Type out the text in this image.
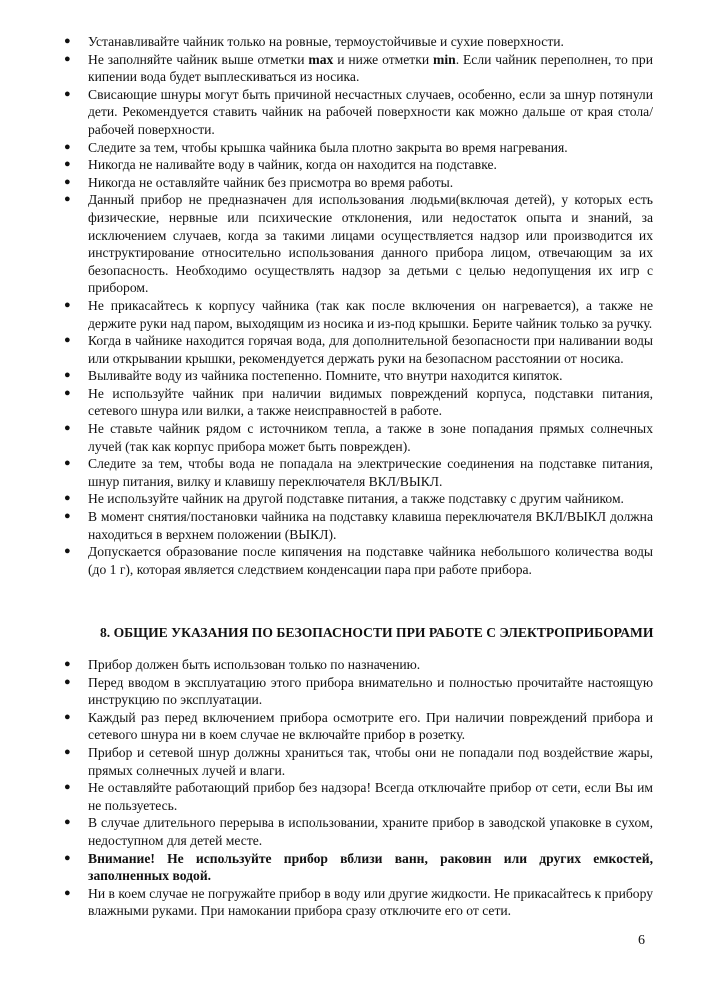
● Устанавливайте чайник только на ровные, термоустойчивые и сухие поверхности.
● Не заполняйте чайник выше отметки max и ниже отметки min. Если чайник переполнен, то при кипении вода будет выплескиваться из носика.
● Свисающие шнуры могут быть причиной несчастных случаев, особенно, если за шнур потянули дети. Рекомендуется ставить чайник на рабочей поверхности как можно дальше от края стола/рабочей поверхности.
● Следите за тем, чтобы крышка чайника была плотно закрыта во время нагревания.
● Никогда не наливайте воду в чайник, когда он находится на подставке.
● Никогда не оставляйте чайник без присмотра во время работы.
● Данный прибор не предназначен для использования людьми(включая детей), у которых есть физические, нервные или психические отклонения, или недостаток опыта и знаний, за исключением случаев, когда за такими лицами осуществляется надзор или производится их инструктирование относительно использования данного прибора лицом, отвечающим за их безопасность. Необходимо осуществлять надзор за детьми с целью недопущения их игр с прибором.
● Не прикасайтесь к корпусу чайника (так как после включения он нагревается), а также не держите руки над паром, выходящим из носика и из-под крышки. Берите чайник только за ручку.
● Когда в чайнике находится горячая вода, для дополнительной безопасности при наливании воды или открывании крышки, рекомендуется держать руки на безопасном расстоянии от носика.
● Выливайте воду из чайника постепенно. Помните, что внутри находится кипяток.
● Не используйте чайник при наличии видимых повреждений корпуса, подставки питания, сетевого шнура или вилки, а также неисправностей в работе.
● Не ставьте чайник рядом с источником тепла, а также в зоне попадания прямых солнечных лучей (так как корпус прибора может быть поврежден).
● Следите за тем, чтобы вода не попадала на электрические соединения на подставке питания, шнур питания, вилку и клавишу переключателя ВКЛ/ВЫКЛ.
● Не используйте чайник на другой подставке питания, а также подставку с другим чайником.
● В момент снятия/постановки чайника на подставку клавиша переключателя ВКЛ/ВЫКЛ должна находиться в верхнем положении (ВЫКЛ).
● Допускается образование после кипячения на подставке чайника небольшого количества воды (до 1 г), которая является следствием конденсации пара при работе прибора.
8. ОБЩИЕ УКАЗАНИЯ ПО БЕЗОПАСНОСТИ ПРИ РАБОТЕ С ЭЛЕКТРОПРИБОРАМИ
● Прибор должен быть использован только по назначению.
● Перед вводом в эксплуатацию этого прибора внимательно и полностью прочитайте настоящую инструкцию по эксплуатации.
● Каждый раз перед включением прибора осмотрите его. При наличии повреждений прибора и сетевого шнура ни в коем случае не включайте прибор в розетку.
● Прибор и сетевой шнур должны храниться так, чтобы они не попадали под воздействие жары, прямых солнечных лучей и влаги.
● Не оставляйте работающий прибор без надзора! Всегда отключайте прибор от сети, если Вы им не пользуетесь.
● В случае длительного перерыва в использовании, храните прибор в заводской упаковке в сухом, недоступном для детей месте.
● Внимание! Не используйте прибор вблизи ванн, раковин или других емкостей, заполненных водой.
● Ни в коем случае не погружайте прибор в воду или другие жидкости. Не прикасайтесь к прибору влажными руками. При намокании прибора сразу отключите его от сети.
6
